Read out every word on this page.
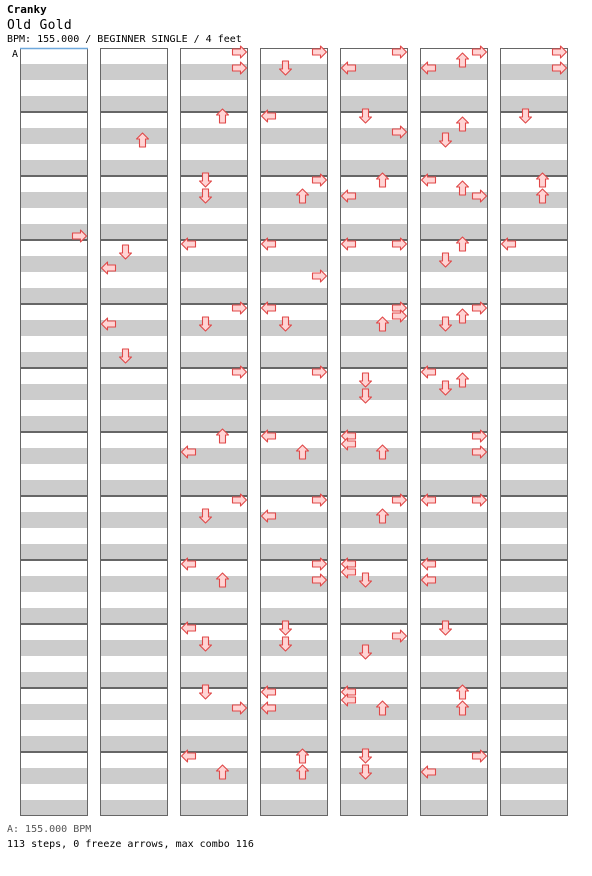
Cranky
Old Gold
BPM: 155.000 / BEGINNER SINGLE / 4 feet
A
A: 155.000 BPM
113 steps, 0 freeze arrows, max combo 116
